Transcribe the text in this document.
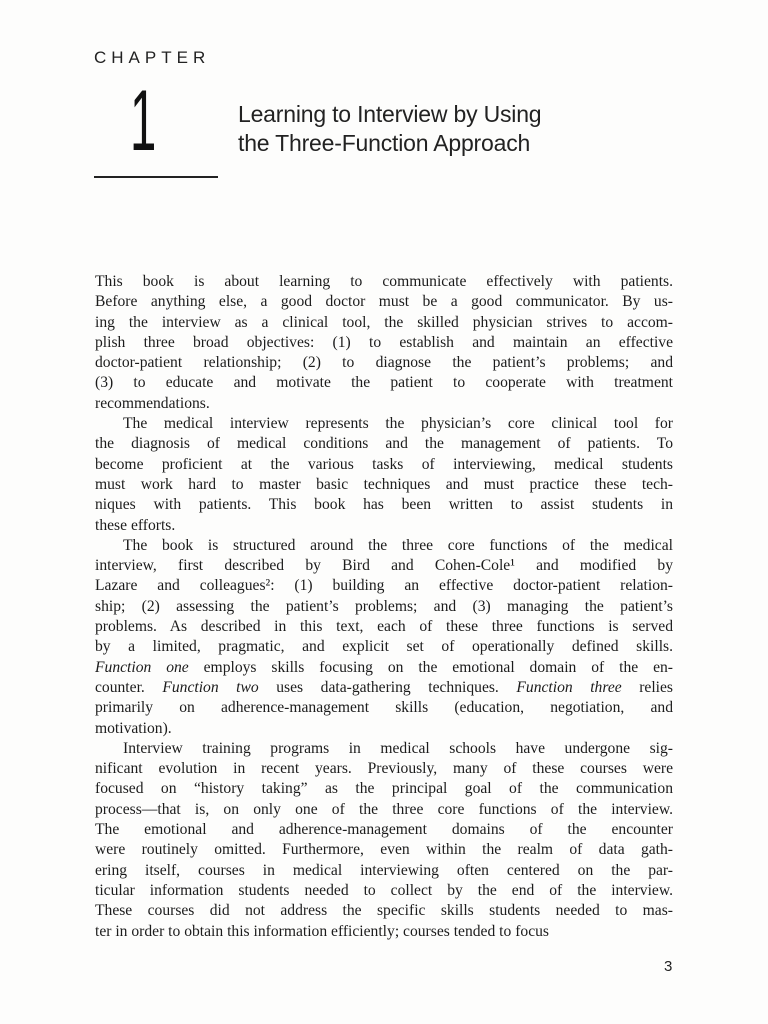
CHAPTER
1	Learning to Interview by Using
the Three-Function Approach
This book is about learning to communicate effectively with patients.
Before anything else, a good doctor must be a good communicator. By us-
ing the interview as a clinical tool, the skilled physician strives to accom-
plish three broad objectives: (1) to establish and maintain an effective
doctor-patient relationship; (2) to diagnose the patient’s problems; and
(3) to educate and motivate the patient to cooperate with treatment
recommendations.
The medical interview represents the physician’s core clinical tool for
the diagnosis of medical conditions and the management of patients. To
become proficient at the various tasks of interviewing, medical students
must work hard to master basic techniques and must practice these tech-
niques with patients. This book has been written to assist students in
these efforts.
The book is structured around the three core functions of the medical
interview, first described by Bird and Cohen-Cole¹ and modified by
Lazare and colleagues²: (1) building an effective doctor-patient relation-
ship; (2) assessing the patient’s problems; and (3) managing the patient’s
problems. As described in this text, each of these three functions is served
by a limited, pragmatic, and explicit set of operationally defined skills.
Function one employs skills focusing on the emotional domain of the en-
counter. Function two uses data-gathering techniques. Function three relies
primarily on adherence-management skills (education, negotiation, and
motivation).
Interview training programs in medical schools have undergone sig-
nificant evolution in recent years. Previously, many of these courses were
focused on “history taking” as the principal goal of the communication
process—that is, on only one of the three core functions of the interview.
The emotional and adherence-management domains of the encounter
were routinely omitted. Furthermore, even within the realm of data gath-
ering itself, courses in medical interviewing often centered on the par-
ticular information students needed to collect by the end of the interview.
These courses did not address the specific skills students needed to mas-
ter in order to obtain this information efficiently; courses tended to focus
3
